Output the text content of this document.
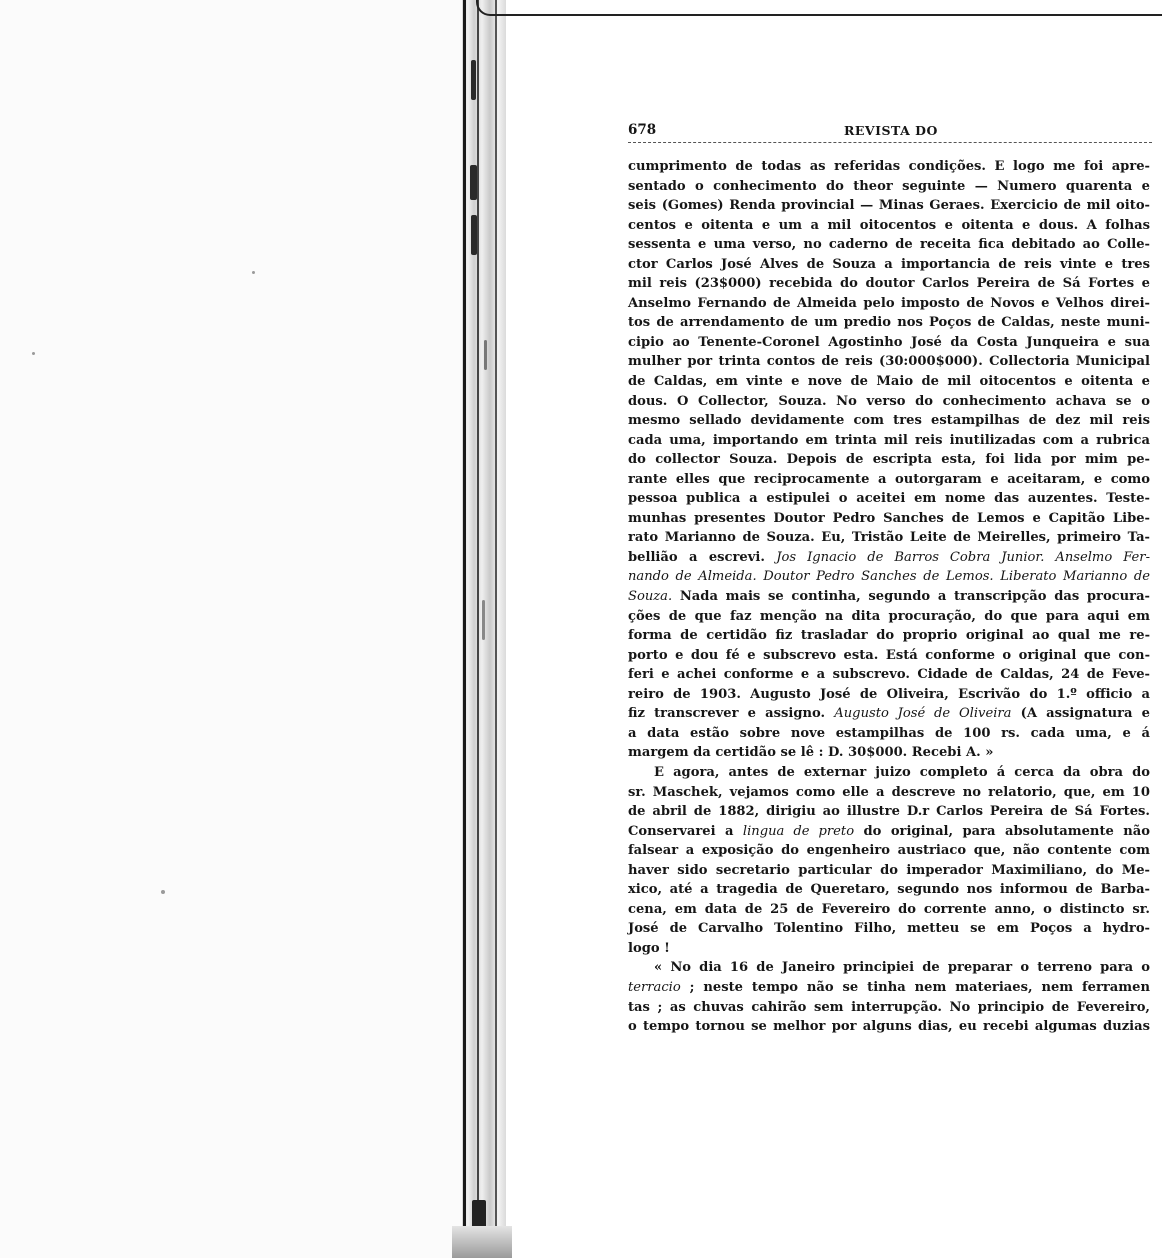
678	REVISTA DO
cumprimento de todas as referidas condições. E logo me foi apre-
sentado o conhecimento do theor seguinte — Numero quarenta e
seis (Gomes) Renda provincial — Minas Geraes. Exercicio de mil oito-
centos e oitenta e um a mil oitocentos e oitenta e dous. A folhas
sessenta e uma verso, no caderno de receita fica debitado ao Colle-
ctor Carlos José Alves de Souza a importancia de reis vinte e tres
mil reis (23$000) recebida do doutor Carlos Pereira de Sá Fortes e
Anselmo Fernando de Almeida pelo imposto de Novos e Velhos direi-
tos de arrendamento de um predio nos Poços de Caldas, neste muni-
cipio ao Tenente-Coronel Agostinho José da Costa Junqueira e sua
mulher por trinta contos de reis (30:000$000). Collectoria Municipal
de Caldas, em vinte e nove de Maio de mil oitocentos e oitenta e
dous. O Collector, Souza. No verso do conhecimento achava se o
mesmo sellado devidamente com tres estampilhas de dez mil reis
cada uma, importando em trinta mil reis inutilizadas com a rubrica
do collector Souza. Depois de escripta esta, foi lida por mim pe-
rante elles que reciprocamente a outorgaram e aceitaram, e como
pessoa publica a estipulei o aceitei em nome das auzentes. Teste-
munhas presentes Doutor Pedro Sanches de Lemos e Capitão Libe-
rato Marianno de Souza. Eu, Tristão Leite de Meirelles, primeiro Ta-
bellião a escrevi. Jos Ignacio de Barros Cobra Junior. Anselmo Fer-
nando de Almeida. Doutor Pedro Sanches de Lemos. Liberato Marianno de
Souza. Nada mais se continha, segundo a transcripção das procura-
ções de que faz menção na dita procuração, do que para aqui em
forma de certidão fiz trasladar do proprio original ao qual me re-
porto e dou fé e subscrevo esta. Está conforme o original que con-
feri e achei conforme e a subscrevo. Cidade de Caldas, 24 de Feve-
reiro de 1903. Augusto José de Oliveira, Escrivão do 1.º officio a
fiz transcrever e assigno. Augusto José de Oliveira (A assignatura e
a data estão sobre nove estampilhas de 100 rs. cada uma, e á
margem da certidão se lê : D. 30$000. Recebi A. »
E agora, antes de externar juizo completo á cerca da obra do
sr. Maschek, vejamos como elle a descreve no relatorio, que, em 10
de abril de 1882, dirigiu ao illustre D.r Carlos Pereira de Sá Fortes.
Conservarei a lingua de preto do original, para absolutamente não
falsear a exposição do engenheiro austriaco que, não contente com
haver sido secretario particular do imperador Maximiliano, do Me-
xico, até a tragedia de Queretaro, segundo nos informou de Barba-
cena, em data de 25 de Fevereiro do corrente anno, o distincto sr.
José de Carvalho Tolentino Filho, metteu se em Poços a hydro-
logo !
« No dia 16 de Janeiro principiei de preparar o terreno para o
terracio ; neste tempo não se tinha nem materiaes, nem ferramen
tas ; as chuvas cahirão sem interrupção. No principio de Fevereiro,
o tempo tornou se melhor por alguns dias, eu recebi algumas duzias
